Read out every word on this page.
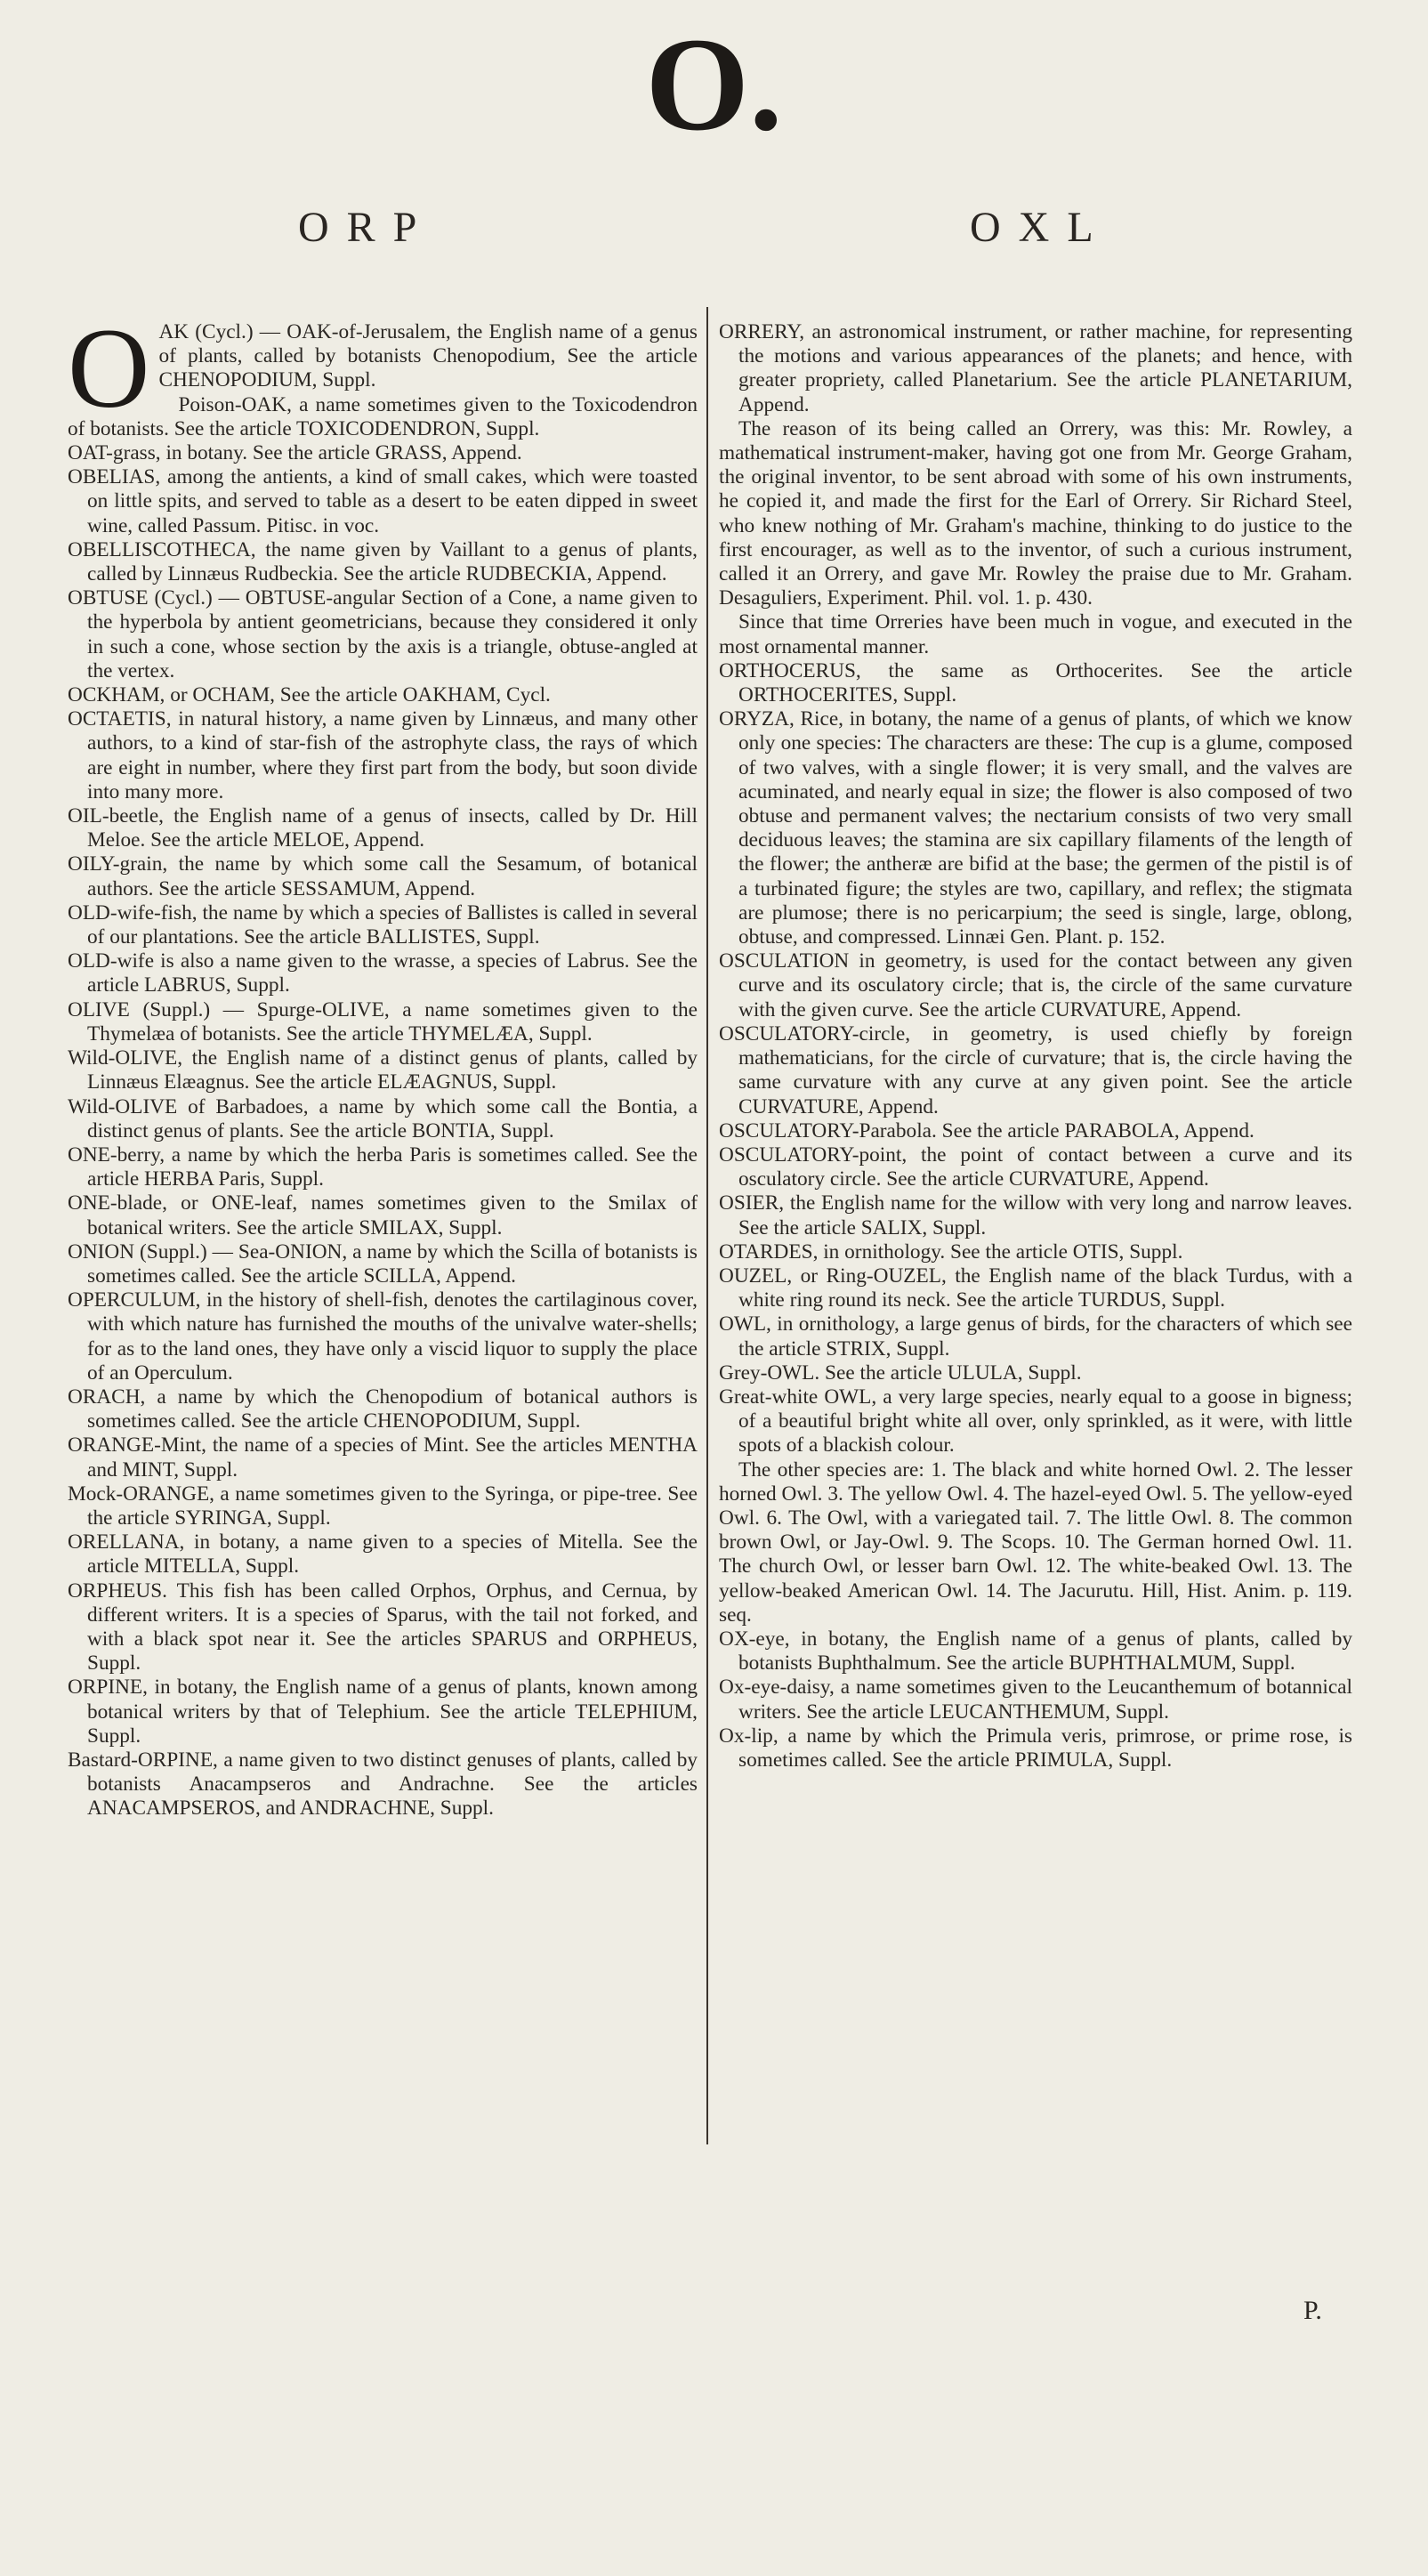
O.
ORP	OXL

OAK (Cycl.) — OAK-of-Jerusalem, the English name of a genus of plants, called by botanists Chenopodium, See the article CHENOPODIUM, Suppl.

Poison-OAK, a name sometimes given to the Toxicodendron of botanists. See the article TOXICODENDRON, Suppl.

OAT-grass, in botany. See the article GRASS, Append.

OBELIAS, among the antients, a kind of small cakes, which were toasted on little spits, and served to table as a desert to be eaten dipped in sweet wine, called Passum. Pitisc. in voc.

OBELLISCOTHECA, the name given by Vaillant to a genus of plants, called by Linnæus Rudbeckia. See the article RUDBECKIA, Append.

OBTUSE (Cycl.) — OBTUSE-angular Section of a Cone, a name given to the hyperbola by antient geometricians, because they considered it only in such a cone, whose section by the axis is a triangle, obtuse-angled at the vertex.

OCKHAM, or OCHAM, See the article OAKHAM, Cycl.

OCTAETIS, in natural history, a name given by Linnæus, and many other authors, to a kind of star-fish of the astrophyte class, the rays of which are eight in number, where they first part from the body, but soon divide into many more.

OIL-beetle, the English name of a genus of insects, called by Dr. Hill Meloe. See the article MELOE, Append.

OILY-grain, the name by which some call the Sesamum, of botanical authors. See the article SESSAMUM, Append.

OLD-wife-fish, the name by which a species of Ballistes is called in several of our plantations. See the article BALLISTES, Suppl.

OLD-wife is also a name given to the wrasse, a species of Labrus. See the article LABRUS, Suppl.

OLIVE (Suppl.) — Spurge-OLIVE, a name sometimes given to the Thymelæa of botanists. See the article THYMELÆA, Suppl.

Wild-OLIVE, the English name of a distinct genus of plants, called by Linnæus Elæagnus. See the article ELÆAGNUS, Suppl.

Wild-OLIVE of Barbadoes, a name by which some call the Bontia, a distinct genus of plants. See the article BONTIA, Suppl.

ONE-berry, a name by which the herba Paris is sometimes called. See the article HERBA Paris, Suppl.

ONE-blade, or ONE-leaf, names sometimes given to the Smilax of botanical writers. See the article SMILAX, Suppl.

ONION (Suppl.) — Sea-ONION, a name by which the Scilla of botanists is sometimes called. See the article SCILLA, Append.

OPERCULUM, in the history of shell-fish, denotes the cartilaginous cover, with which nature has furnished the mouths of the univalve water-shells; for as to the land ones, they have only a viscid liquor to supply the place of an Operculum.

ORACH, a name by which the Chenopodium of botanical authors is sometimes called. See the article CHENOPODIUM, Suppl.

ORANGE-Mint, the name of a species of Mint. See the articles MENTHA and MINT, Suppl.

Mock-ORANGE, a name sometimes given to the Syringa, or pipe-tree. See the article SYRINGA, Suppl.

ORELLANA, in botany, a name given to a species of Mitella. See the article MITELLA, Suppl.

ORPHEUS. This fish has been called Orphos, Orphus, and Cernua, by different writers. It is a species of Sparus, with the tail not forked, and with a black spot near it. See the articles SPARUS and ORPHEUS, Suppl.

ORPINE, in botany, the English name of a genus of plants, known among botanical writers by that of Telephium. See the article TELEPHIUM, Suppl.

Bastard-ORPINE, a name given to two distinct genuses of plants, called by botanists Anacampseros and Andrachne. See the articles ANACAMPSEROS, and ANDRACHNE, Suppl.

ORRERY, an astronomical instrument, or rather machine, for representing the motions and various appearances of the planets; and hence, with greater propriety, called Planetarium. See the article PLANETARIUM, Append.

The reason of its being called an Orrery, was this: Mr. Rowley, a mathematical instrument-maker, having got one from Mr. George Graham, the original inventor, to be sent abroad with some of his own instruments, he copied it, and made the first for the Earl of Orrery. Sir Richard Steel, who knew nothing of Mr. Graham's machine, thinking to do justice to the first encourager, as well as to the inventor, of such a curious instrument, called it an Orrery, and gave Mr. Rowley the praise due to Mr. Graham. Desaguliers, Experiment. Phil. vol. 1. p. 430.

Since that time Orreries have been much in vogue, and executed in the most ornamental manner.

ORTHOCERUS, the same as Orthocerites. See the article ORTHOCERITES, Suppl.

ORYZA, Rice, in botany, the name of a genus of plants, of which we know only one species: The characters are these: The cup is a glume, composed of two valves, with a single flower; it is very small, and the valves are acuminated, and nearly equal in size; the flower is also composed of two obtuse and permanent valves; the nectarium consists of two very small deciduous leaves; the stamina are six capillary filaments of the length of the flower; the antheræ are bifid at the base; the germen of the pistil is of a turbinated figure; the styles are two, capillary, and reflex; the stigmata are plumose; there is no pericarpium; the seed is single, large, oblong, obtuse, and compressed. Linnæi Gen. Plant. p. 152.

OSCULATION in geometry, is used for the contact between any given curve and its osculatory circle; that is, the circle of the same curvature with the given curve. See the article CURVATURE, Append.

OSCULATORY-circle, in geometry, is used chiefly by foreign mathematicians, for the circle of curvature; that is, the circle having the same curvature with any curve at any given point. See the article CURVATURE, Append.

OSCULATORY-Parabola. See the article PARABOLA, Append.

OSCULATORY-point, the point of contact between a curve and its osculatory circle. See the article CURVATURE, Append.

OSIER, the English name for the willow with very long and narrow leaves. See the article SALIX, Suppl.

OTARDES, in ornithology. See the article OTIS, Suppl.

OUZEL, or Ring-OUZEL, the English name of the black Turdus, with a white ring round its neck. See the article TURDUS, Suppl.

OWL, in ornithology, a large genus of birds, for the characters of which see the article STRIX, Suppl.

Grey-OWL. See the article ULULA, Suppl.

Great-white OWL, a very large species, nearly equal to a goose in bigness; of a beautiful bright white all over, only sprinkled, as it were, with little spots of a blackish colour.

The other species are: 1. The black and white horned Owl. 2. The lesser horned Owl. 3. The yellow Owl. 4. The hazel-eyed Owl. 5. The yellow-eyed Owl. 6. The Owl, with a variegated tail. 7. The little Owl. 8. The common brown Owl, or Jay-Owl. 9. The Scops. 10. The German horned Owl. 11. The church Owl, or lesser barn Owl. 12. The white-beaked Owl. 13. The yellow-beaked American Owl. 14. The Jacurutu. Hill, Hist. Anim. p. 119. seq.

OX-eye, in botany, the English name of a genus of plants, called by botanists Buphthalmum. See the article BUPHTHALMUM, Suppl.

Ox-eye-daisy, a name sometimes given to the Leucanthemum of botannical writers. See the article LEUCANTHEMUM, Suppl.

Ox-lip, a name by which the Primula veris, primrose, or prime rose, is sometimes called. See the article PRIMULA, Suppl.

P.
